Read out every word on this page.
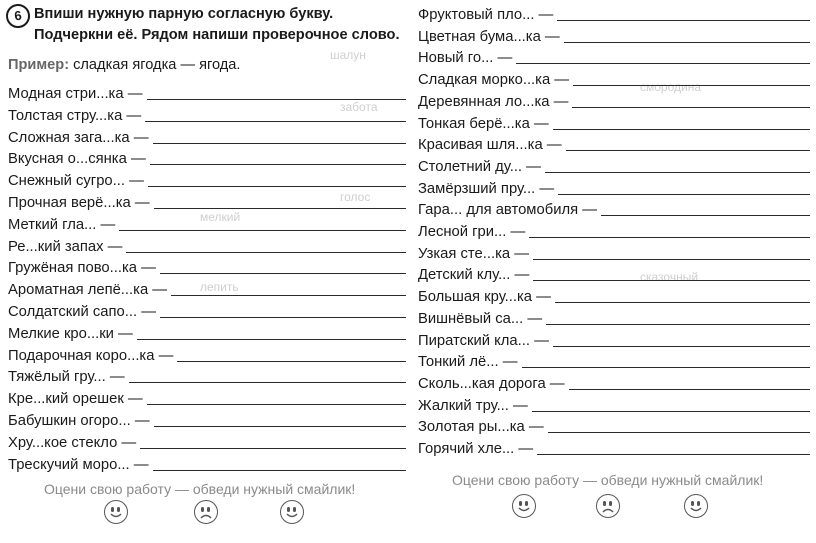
шалун
забота
голос
мелкий
лепить
смородина
сказочный
6 Впиши нужную парную согласную букву. Подчеркни её. Рядом напиши проверочное слово.
Пример: сладкая ягодка — ягода.
Модная стри...ка —
Толстая стру...ка —
Сложная зага...ка —
Вкусная о...сянка —
Снежный сугро... —
Прочная верё...ка —
Меткий гла... —
Ре...кий запах —
Гружёная пово...ка —
Ароматная лепё...ка —
Солдатский сапо... —
Мелкие кро...ки —
Подарочная коро...ка —
Тяжёлый гру... —
Кре...кий орешек —
Бабушкин огоро... —
Хру...кое стекло —
Трескучий моро... —
Фруктовый пло... —
Цветная бума...ка —
Новый го... —
Сладкая морко...ка —
Деревянная ло...ка —
Тонкая берё...ка —
Красивая шля...ка —
Столетний ду... —
Замёрзший пру... —
Гара... для автомобиля —
Лесной гри... —
Узкая сте...ка —
Детский клу... —
Большая кру...ка —
Вишнёвый са... —
Пиратский кла... —
Тонкий лё... —
Сколь...кая дорога —
Жалкий тру... —
Золотая ры...ка —
Горячий хле... —
Оцени свою работу — обведи нужный смайлик!
Оцени свою работу — обведи нужный смайлик!
